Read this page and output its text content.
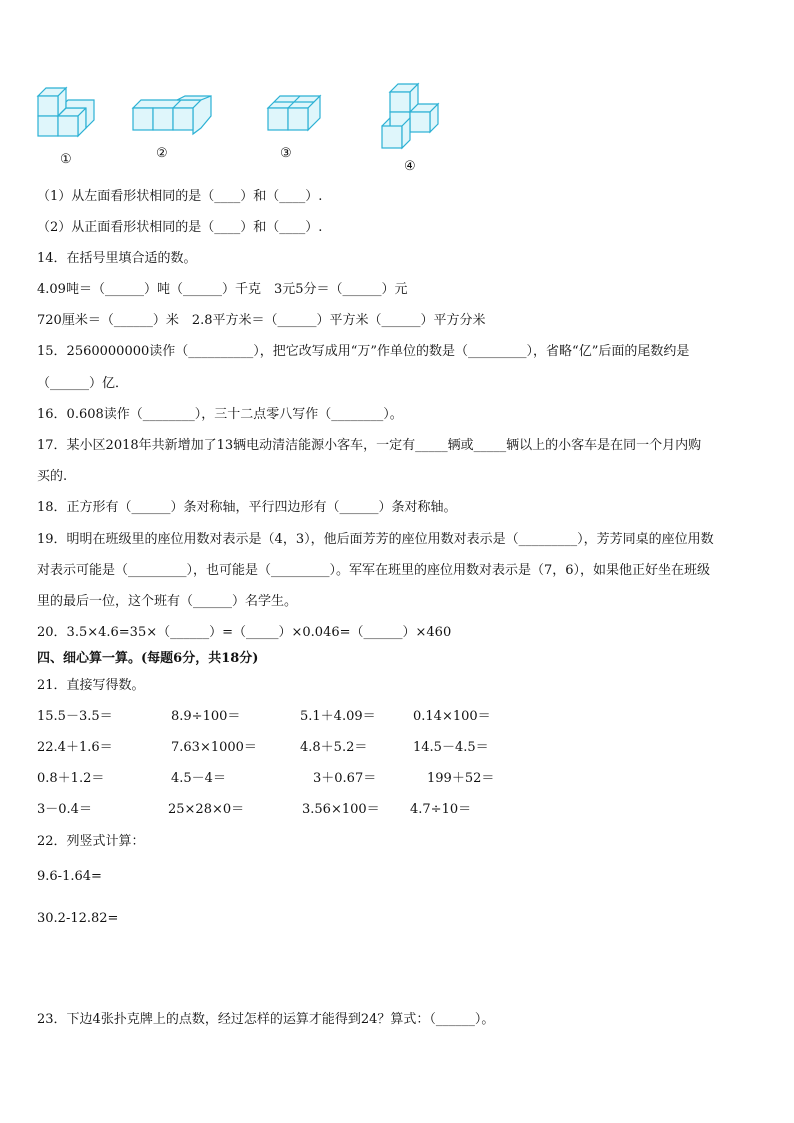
①	②	③
④
（1）从左面看形状相同的是（____）和（____）.
（2）从正面看形状相同的是（____）和（____）.
14．在括号里填合适的数。
4.09吨＝（______）吨（______）千克　3元5分＝（______）元
720厘米＝（______）米　2.8平方米＝（______）平方米（______）平方分米
15．2560000000读作（__________），把它改写成用“万”作单位的数是（_________），省略“亿”后面的尾数约是
（______）亿．
16．0.608读作（________），三十二点零八写作（________）。
17．某小区2018年共新增加了13辆电动清洁能源小客车，一定有_____辆或_____辆以上的小客车是在同一个月内购
买的.
18．正方形有（______）条对称轴，平行四边形有（______）条对称轴。
19．明明在班级里的座位用数对表示是（4，3），他后面芳芳的座位用数对表示是（_________），芳芳同桌的座位用数
对表示可能是（_________），也可能是（_________）。军军在班里的座位用数对表示是（7，6），如果他正好坐在班级
里的最后一位，这个班有（______）名学生。
20．3.5×4.6=35×（______）=（_____）×0.046=（______）×460
四、细心算一算。(每题6分，共18分)
21．直接写得数。
15.5－3.5＝	8.9÷100＝	5.1＋4.09＝	0.14×100＝
22.4＋1.6＝	7.63×1000＝	4.8＋5.2＝	14.5－4.5＝
0.8＋1.2＝	4.5－4＝	3＋0.67＝	199＋52＝
3－0.4＝	25×28×0＝	3.56×100＝ 4.7÷10＝
22．列竖式计算：
9.6-1.64=
30.2-12.82=
23．下边4张扑克牌上的点数，经过怎样的运算才能得到24？算式：（______）。
